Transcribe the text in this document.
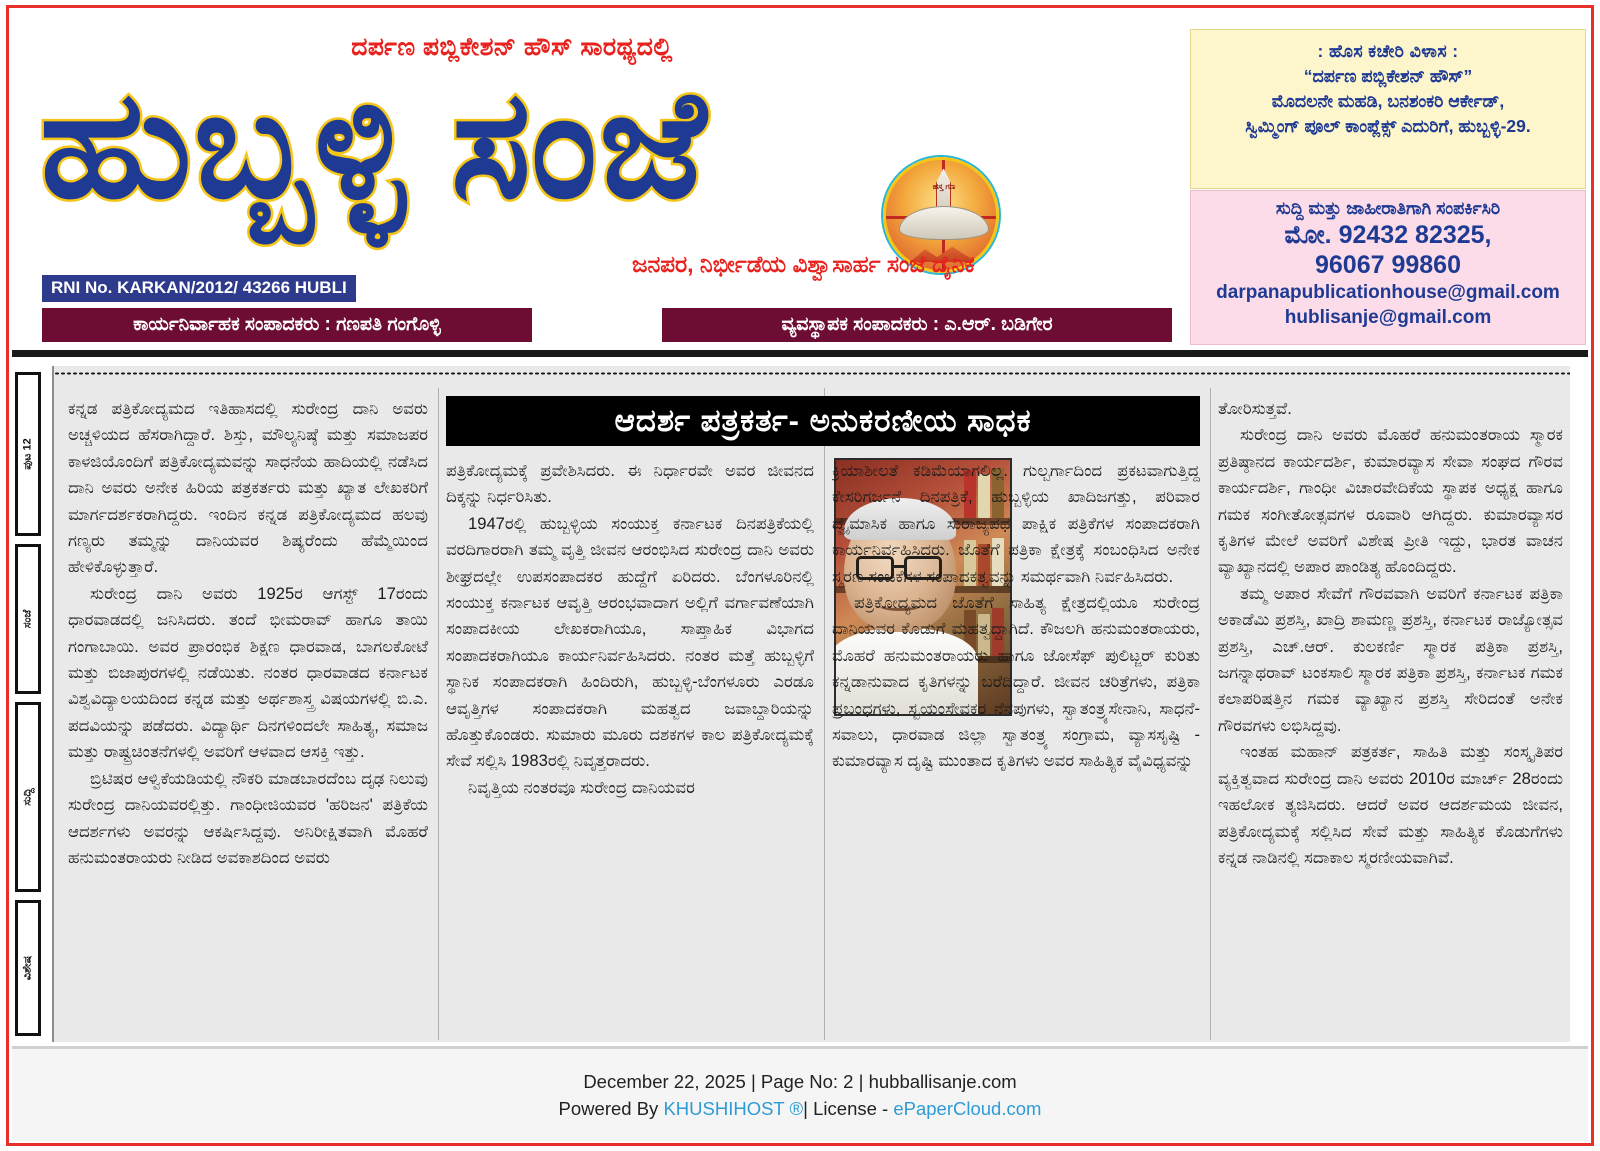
ದರ್ಪಣ ಪಬ್ಲಿಕೇಶನ್ ಹೌಸ್ ಸಾರಥ್ಯದಲ್ಲಿ
ಹುಬ್ಬಳ್ಳಿ ಸಂಜೆ	ಹಸ್ತ ಗಣ
ಜನಪರ, ನಿರ್ಭೀಡೆಯ ವಿಶ್ವಾಸಾರ್ಹ ಸಂಜೆ ದೈನಿಕ
RNI No. KARKAN/2012/ 43266 HUBLI
ಕಾರ್ಯನಿರ್ವಾಹಕ ಸಂಪಾದಕರು : ಗಣಪತಿ ಗಂಗೊಳ್ಳಿ	ವ್ಯವಸ್ಥಾಪಕ ಸಂಪಾದಕರು : ಎ.ಆರ್. ಬಡಿಗೇರ
: ಹೊಸ ಕಚೇರಿ ವಿಳಾಸ :
“ದರ್ಪಣ ಪಬ್ಲಿಕೇಶನ್ ಹೌಸ್”
ಮೊದಲನೇ ಮಹಡಿ, ಬನಶಂಕರಿ ಆರ್ಕೇಡ್,
ಸ್ವಿಮ್ಮಿಂಗ್ ಪೂಲ್ ಕಾಂಪ್ಲೆಕ್ಸ್ ಎದುರಿಗೆ, ಹುಬ್ಬಳ್ಳಿ-29.
ಸುದ್ದಿ ಮತ್ತು ಜಾಹೀರಾತಿಗಾಗಿ ಸಂಪರ್ಕಿಸಿರಿ
ಮೋ. 92432 82325,
96067 99860
darpanapublicationhouse@gmail.com
hublisanje@gmail.com
ಪುಟ 12
ಸಂಜೆ
ಸುದ್ದಿ
ವಿಶೇಷ
ಆದರ್ಶ ಪತ್ರಕರ್ತ- ಅನುಕರಣೀಯ ಸಾಧಕ

ಕನ್ನಡ ಪತ್ರಿಕೋದ್ಯಮದ ಇತಿಹಾಸದಲ್ಲಿ ಸುರೇಂದ್ರ ದಾನಿ ಅವರು ಅಚ್ಚಳಿಯದ ಹೆಸರಾಗಿದ್ದಾರೆ. ಶಿಸ್ತು, ಮೌಲ್ಯನಿಷ್ಠೆ ಮತ್ತು ಸಮಾಜಪರ ಕಾಳಜಿಯೊಂದಿಗೆ ಪತ್ರಿಕೋದ್ಯಮವನ್ನು ಸಾಧನೆಯ ಹಾದಿಯಲ್ಲಿ ನಡೆಸಿದ ದಾನಿ ಅವರು ಅನೇಕ ಹಿರಿಯ ಪತ್ರಕರ್ತರು ಮತ್ತು ಖ್ಯಾತ ಲೇಖಕರಿಗೆ ಮಾರ್ಗದರ್ಶಕರಾಗಿದ್ದರು. ಇಂದಿನ ಕನ್ನಡ ಪತ್ರಿಕೋದ್ಯಮದ ಹಲವು ಗಣ್ಯರು ತಮ್ಮನ್ನು ದಾನಿಯವರ ಶಿಷ್ಯರೆಂದು ಹೆಮ್ಮೆಯಿಂದ ಹೇಳಿಕೊಳ್ಳುತ್ತಾರೆ.

ಸುರೇಂದ್ರ ದಾನಿ ಅವರು 1925ರ ಆಗಸ್ಟ್ 17ರಂದು ಧಾರವಾಡದಲ್ಲಿ ಜನಿಸಿದರು. ತಂದೆ ಭೀಮರಾವ್ ಹಾಗೂ ತಾಯಿ ಗಂಗಾಬಾಯಿ. ಅವರ ಪ್ರಾರಂಭಿಕ ಶಿಕ್ಷಣ ಧಾರವಾಡ, ಬಾಗಲಕೋಟೆ ಮತ್ತು ಬಿಜಾಪುರಗಳಲ್ಲಿ ನಡೆಯಿತು. ನಂತರ ಧಾರವಾಡದ ಕರ್ನಾಟಕ ವಿಶ್ವವಿದ್ಯಾಲಯದಿಂದ ಕನ್ನಡ ಮತ್ತು ಅರ್ಥಶಾಸ್ತ್ರ ವಿಷಯಗಳಲ್ಲಿ ಬಿ.ಎ. ಪದವಿಯನ್ನು ಪಡೆದರು. ವಿದ್ಯಾರ್ಥಿ ದಿನಗಳಿಂದಲೇ ಸಾಹಿತ್ಯ, ಸಮಾಜ ಮತ್ತು ರಾಷ್ಟ್ರಚಿಂತನೆಗಳಲ್ಲಿ ಅವರಿಗೆ ಆಳವಾದ ಆಸಕ್ತಿ ಇತ್ತು.

ಬ್ರಿಟಿಷರ ಆಳ್ವಿಕೆಯಡಿಯಲ್ಲಿ ನೌಕರಿ ಮಾಡಬಾರದೆಂಬ ದೃಢ ನಿಲುವು ಸುರೇಂದ್ರ ದಾನಿಯವರಲ್ಲಿತ್ತು. ಗಾಂಧೀಜಿಯವರ 'ಹರಿಜನ' ಪತ್ರಿಕೆಯ ಆದರ್ಶಗಳು ಅವರನ್ನು ಆಕರ್ಷಿಸಿದ್ದವು. ಅನಿರೀಕ್ಷಿತವಾಗಿ ಮೊಹರೆ ಹನುಮಂತರಾಯರು ನೀಡಿದ ಅವಕಾಶದಿಂದ ಅವರು

ಪತ್ರಿಕೋದ್ಯಮಕ್ಕೆ ಪ್ರವೇಶಿಸಿದರು. ಈ ನಿರ್ಧಾರವೇ ಅವರ ಜೀವನದ ದಿಕ್ಕನ್ನು ನಿರ್ಧರಿಸಿತು.

1947ರಲ್ಲಿ ಹುಬ್ಬಳ್ಳಿಯ ಸಂಯುಕ್ತ ಕರ್ನಾಟಕ ದಿನಪತ್ರಿಕೆಯಲ್ಲಿ ವರದಿಗಾರರಾಗಿ ತಮ್ಮ ವೃತ್ತಿ ಜೀವನ ಆರಂಭಿಸಿದ ಸುರೇಂದ್ರ ದಾನಿ ಅವರು ಶೀಘ್ರದಲ್ಲೇ ಉಪಸಂಪಾದಕರ ಹುದ್ದೆಗೆ ಏರಿದರು. ಬೆಂಗಳೂರಿನಲ್ಲಿ ಸಂಯುಕ್ತ ಕರ್ನಾಟಕ ಆವೃತ್ತಿ ಆರಂಭವಾದಾಗ ಅಲ್ಲಿಗೆ ವರ್ಗಾವಣೆಯಾಗಿ ಸಂಪಾದಕೀಯ ಲೇಖಕರಾಗಿಯೂ, ಸಾಪ್ತಾಹಿಕ ವಿಭಾಗದ ಸಂಪಾದಕರಾಗಿಯೂ ಕಾರ್ಯನಿರ್ವಹಿಸಿದರು. ನಂತರ ಮತ್ತೆ ಹುಬ್ಬಳ್ಳಿಗೆ ಸ್ಥಾನಿಕ ಸಂಪಾದಕರಾಗಿ ಹಿಂದಿರುಗಿ, ಹುಬ್ಬಳ್ಳಿ-ಬೆಂಗಳೂರು ಎರಡೂ ಆವೃತ್ತಿಗಳ ಸಂಪಾದಕರಾಗಿ ಮಹತ್ವದ ಜವಾಬ್ದಾರಿಯನ್ನು ಹೊತ್ತುಕೊಂಡರು. ಸುಮಾರು ಮೂರು ದಶಕಗಳ ಕಾಲ ಪತ್ರಿಕೋದ್ಯಮಕ್ಕೆ ಸೇವೆ ಸಲ್ಲಿಸಿ 1983ರಲ್ಲಿ ನಿವೃತ್ತರಾದರು.

ನಿವೃತ್ತಿಯ ನಂತರವೂ ಸುರೇಂದ್ರ ದಾನಿಯವರ

ಕ್ರಿಯಾಶೀಲತೆ ಕಡಿಮೆಯಾಗಲಿಲ್ಲ. ಗುಲ್ಬರ್ಗಾದಿಂದ ಪ್ರಕಟವಾಗುತ್ತಿದ್ದ ಕೇಸರಿಗರ್ಜನೆ ದಿನಪತ್ರಿಕೆ, ಹುಬ್ಬಳ್ಳಿಯ ಖಾದಿಜಗತ್ತು, ಪರಿವಾರ ದ್ವೈಮಾಸಿಕ ಹಾಗೂ ಸುರಾಜ್ಯಪಥ ಪಾಕ್ಷಿಕ ಪತ್ರಿಕೆಗಳ ಸಂಪಾದಕರಾಗಿ ಕಾರ್ಯನಿರ್ವಹಿಸಿದರು. ಜೊತೆಗೆ ಪತ್ರಿಕಾ ಕ್ಷೇತ್ರಕ್ಕೆ ಸಂಬಂಧಿಸಿದ ಅನೇಕ ಸ್ಮರಣ ಸಂಚಿಕೆಗಳ ಸಂಪಾದಕತ್ವವನ್ನು ಸಮರ್ಥವಾಗಿ ನಿರ್ವಹಿಸಿದರು.

ಪತ್ರಿಕೋದ್ಯಮದ ಜೊತೆಗೆ ಸಾಹಿತ್ಯ ಕ್ಷೇತ್ರದಲ್ಲಿಯೂ ಸುರೇಂದ್ರ ದಾನಿಯವರ ಕೊಡುಗೆ ಮಹತ್ವದ್ದಾಗಿದೆ. ಕೌಜಲಗಿ ಹನುಮಂತರಾಯರು, ಮೊಹರೆ ಹನುಮಂತರಾಯರು ಹಾಗೂ ಜೋಸೆಫ್ ಪುಲಿಟ್ಜರ್ ಕುರಿತು ಕನ್ನಡಾನುವಾದ ಕೃತಿಗಳನ್ನು ಬರೆದಿದ್ದಾರೆ. ಜೀವನ ಚರಿತ್ರೆಗಳು, ಪತ್ರಿಕಾ ಪ್ರಬಂಧಗಳು, ಸ್ವಯಂಸೇವಕರ ನೆನಪುಗಳು, ಸ್ವಾತಂತ್ರ್ಯಸೇನಾನಿ, ಸಾಧನೆ-ಸವಾಲು, ಧಾರವಾಡ ಜಿಲ್ಲಾ ಸ್ವಾತಂತ್ರ್ಯ ಸಂಗ್ರಾಮ, ವ್ಯಾಸಸೃಷ್ಟಿ - ಕುಮಾರವ್ಯಾಸ ದೃಷ್ಟಿ ಮುಂತಾದ ಕೃತಿಗಳು ಅವರ ಸಾಹಿತ್ಯಿಕ ವೈವಿಧ್ಯವನ್ನು

ತೋರಿಸುತ್ತವೆ.

ಸುರೇಂದ್ರ ದಾನಿ ಅವರು ಮೊಹರೆ ಹನುಮಂತರಾಯ ಸ್ಮಾರಕ ಪ್ರತಿಷ್ಠಾನದ ಕಾರ್ಯದರ್ಶಿ, ಕುಮಾರವ್ಯಾಸ ಸೇವಾ ಸಂಘದ ಗೌರವ ಕಾರ್ಯದರ್ಶಿ, ಗಾಂಧೀ ವಿಚಾರವೇದಿಕೆಯ ಸ್ಥಾಪಕ ಅಧ್ಯಕ್ಷ ಹಾಗೂ ಗಮಕ ಸಂಗೀತೋತ್ಸವಗಳ ರೂವಾರಿ ಆಗಿದ್ದರು. ಕುಮಾರವ್ಯಾಸರ ಕೃತಿಗಳ ಮೇಲೆ ಅವರಿಗೆ ವಿಶೇಷ ಪ್ರೀತಿ ಇದ್ದು, ಭಾರತ ವಾಚನ ವ್ಯಾಖ್ಯಾನದಲ್ಲಿ ಅಪಾರ ಪಾಂಡಿತ್ಯ ಹೊಂದಿದ್ದರು.

ತಮ್ಮ ಅಪಾರ ಸೇವೆಗೆ ಗೌರವವಾಗಿ ಅವರಿಗೆ ಕರ್ನಾಟಕ ಪತ್ರಿಕಾ ಅಕಾಡೆಮಿ ಪ್ರಶಸ್ತಿ, ಖಾದ್ರಿ ಶಾಮಣ್ಣ ಪ್ರಶಸ್ತಿ, ಕರ್ನಾಟಕ ರಾಜ್ಯೋತ್ಸವ ಪ್ರಶಸ್ತಿ, ಎಚ್.ಆರ್. ಕುಲಕರ್ಣಿ ಸ್ಮಾರಕ ಪತ್ರಿಕಾ ಪ್ರಶಸ್ತಿ, ಜಗನ್ನಾಥರಾವ್ ಟಂಕಸಾಲಿ ಸ್ಮಾರಕ ಪತ್ರಿಕಾ ಪ್ರಶಸ್ತಿ, ಕರ್ನಾಟಕ ಗಮಕ ಕಲಾಪರಿಷತ್ತಿನ ಗಮಕ ವ್ಯಾಖ್ಯಾನ ಪ್ರಶಸ್ತಿ ಸೇರಿದಂತೆ ಅನೇಕ ಗೌರವಗಳು ಲಭಿಸಿದ್ದವು.

ಇಂತಹ ಮಹಾನ್ ಪತ್ರಕರ್ತ, ಸಾಹಿತಿ ಮತ್ತು ಸಂಸ್ಕೃತಿಪರ ವ್ಯಕ್ತಿತ್ವವಾದ ಸುರೇಂದ್ರ ದಾನಿ ಅವರು 2010ರ ಮಾರ್ಚ್ 28ರಂದು ಇಹಲೋಕ ತ್ಯಜಿಸಿದರು. ಆದರೆ ಅವರ ಆದರ್ಶಮಯ ಜೀವನ, ಪತ್ರಿಕೋದ್ಯಮಕ್ಕೆ ಸಲ್ಲಿಸಿದ ಸೇವೆ ಮತ್ತು ಸಾಹಿತ್ಯಿಕ ಕೊಡುಗೆಗಳು ಕನ್ನಡ ನಾಡಿನಲ್ಲಿ ಸದಾಕಾಲ ಸ್ಮರಣೀಯವಾಗಿವೆ.

December 22, 2025 | Page No: 2 | hubballisanje.com
Powered By KHUSHIHOST ®| License - ePaperCloud.com
